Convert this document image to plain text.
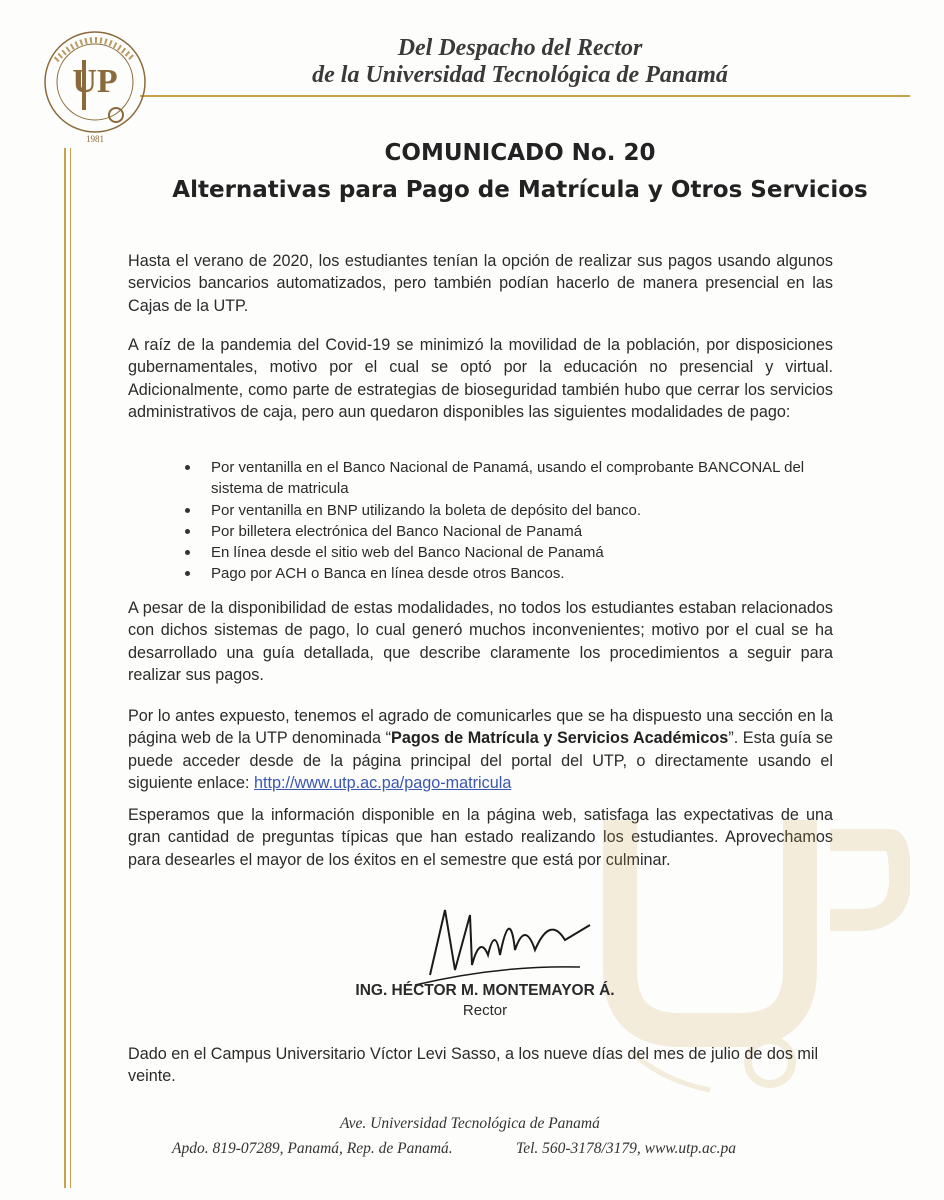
UP
1981
Del Despacho del Rector
de la Universidad Tecnológica de Panamá
COMUNICADO No. 20
Alternativas para Pago de Matrícula y Otros Servicios
Hasta el verano de 2020, los estudiantes tenían la opción de realizar sus pagos usando algunos servicios bancarios automatizados, pero también podían hacerlo de manera presencial en las Cajas de la UTP.
A raíz de la pandemia del Covid-19 se minimizó la movilidad de la población, por disposiciones gubernamentales, motivo por el cual se optó por la educación no presencial y virtual. Adicionalmente, como parte de estrategias de bioseguridad también hubo que cerrar los servicios administrativos de caja, pero aun quedaron disponibles las siguientes modalidades de pago:
Por ventanilla en el Banco Nacional de Panamá, usando el comprobante BANCONAL del sistema de matricula
Por ventanilla en BNP utilizando la boleta de depósito del banco.
Por billetera electrónica del Banco Nacional de Panamá
En línea desde el sitio web del Banco Nacional de Panamá
Pago por ACH o Banca en línea desde otros Bancos.
A pesar de la disponibilidad de estas modalidades, no todos los estudiantes estaban relacionados con dichos sistemas de pago, lo cual generó muchos inconvenientes; motivo por el cual se ha desarrollado una guía detallada, que describe claramente los procedimientos a seguir para realizar sus pagos.
Por lo antes expuesto, tenemos el agrado de comunicarles que se ha dispuesto una sección en la página web de la UTP denominada “Pagos de Matrícula y Servicios Académicos”. Esta guía se puede acceder desde de la página principal del portal del UTP, o directamente usando el siguiente enlace: http://www.utp.ac.pa/pago-matricula
Esperamos que la información disponible en la página web, satisfaga las expectativas de una gran cantidad de preguntas típicas que han estado realizando los estudiantes. Aprovechamos para desearles el mayor de los éxitos en el semestre que está por culminar.
ING. HÉCTOR M. MONTEMAYOR Á.
Rector
Dado en el Campus Universitario Víctor Levi Sasso, a los nueve días del mes de julio de dos mil veinte.
Ave. Universidad Tecnológica de Panamá
Apdo. 819-07289, Panamá, Rep. de Panamá.	Tel. 560-3178/3179, www.utp.ac.pa
